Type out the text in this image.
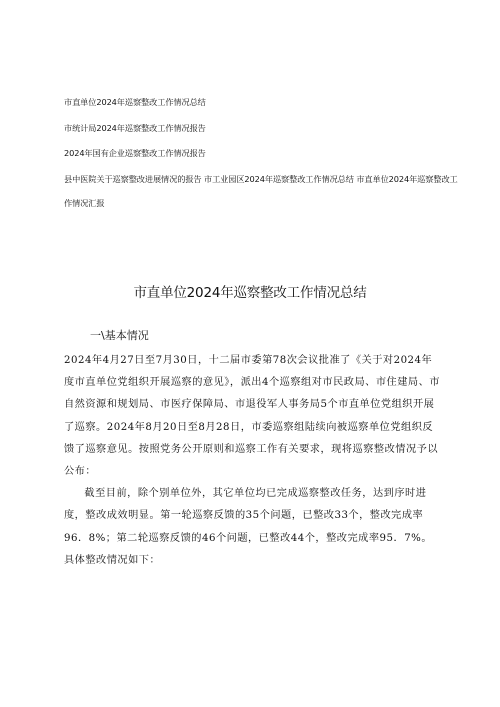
市直单位2024年巡察整改工作情况总结
市统计局2024年巡察整改工作情况报告
2024年国有企业巡察整改工作情况报告
县中医院关于巡察整改进展情况的报告 市工业园区2024年巡察整改工作情况总结 市直单位2024年巡察整改工作情况汇报
市直单位2024年巡察整改工作情况总结
一\基本情况

2024年4月27日至7月30日，十二届市委第78次会议批准了《关于对2024年度市直单位党组织开展巡察的意见》，派出4个巡察组对市民政局、市住建局、市自然资源和规划局、市医疗保障局、市退役军人事务局5个市直单位党组织开展了巡察。2024年8月20日至8月28日，市委巡察组陆续向被巡察单位党组织反馈了巡察意见。按照党务公开原则和巡察工作有关要求，现将巡察整改情况予以公布：

截至目前，除个别单位外，其它单位均已完成巡察整改任务，达到序时进度，整改成效明显。第一轮巡察反馈的35个问题，已整改33个，整改完成率96．8%；第二轮巡察反馈的46个问题，已整改44个，整改完成率95．7%。具体整改情况如下：
